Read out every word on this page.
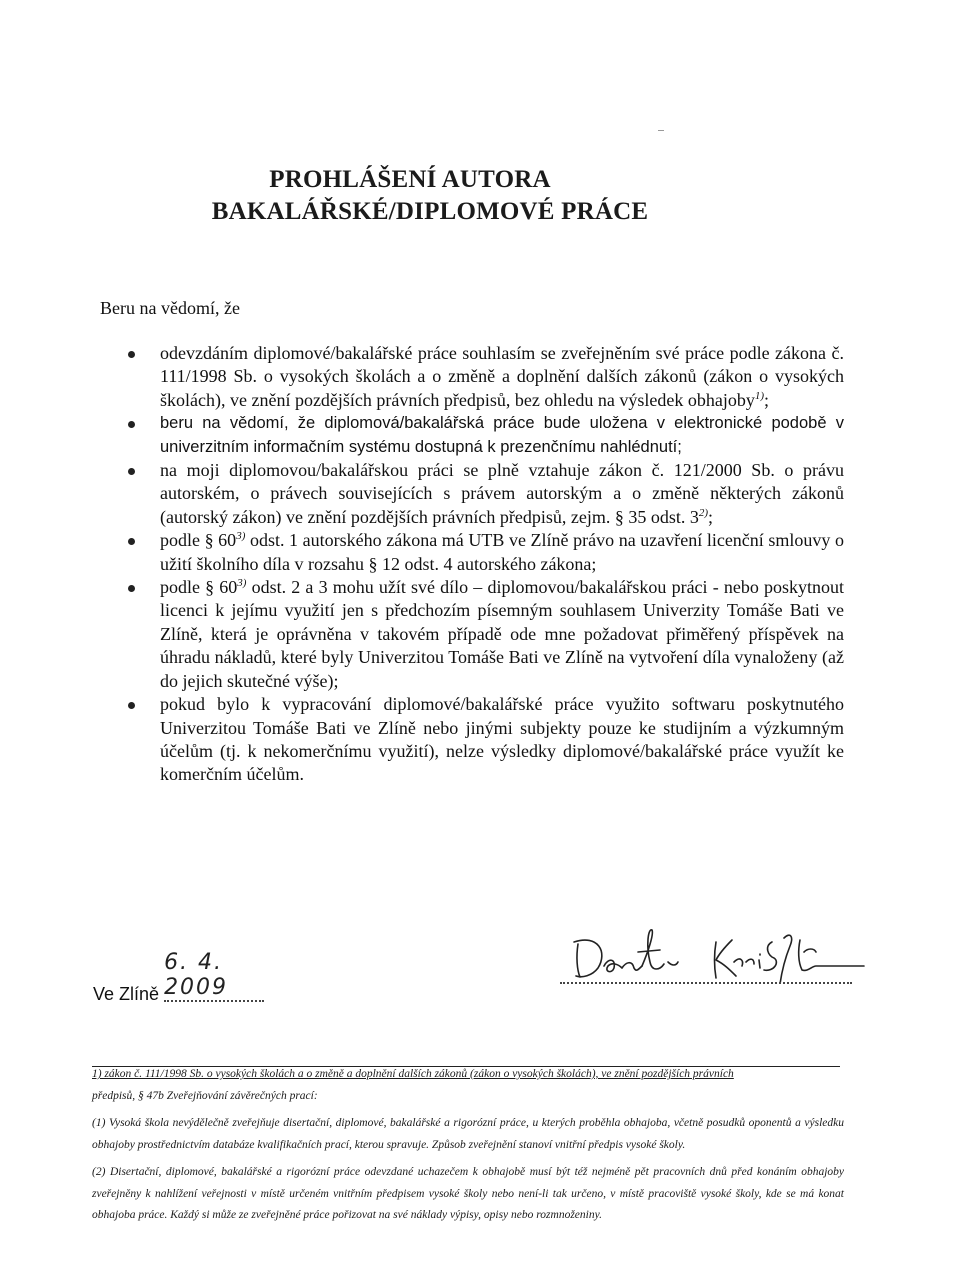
PROHLÁŠENÍ AUTORA
BAKALÁŘSKÉ/DIPLOMOVÉ PRÁCE
Beru na vědomí, že
odevzdáním diplomové/bakalářské práce souhlasím se zveřejněním své práce podle zákona č. 111/1998 Sb. o vysokých školách a o změně a doplnění dalších zákonů (zákon o vysokých školách), ve znění pozdějších právních předpisů, bez ohledu na výsledek obhajoby$^{1)}$;
beru na vědomí, že diplomová/bakalářská práce bude uložena v elektronické podobě v univerzitním informačním systému dostupná k prezenčnímu nahlédnutí;
na moji diplomovou/bakalářskou práci se plně vztahuje zákon č. 121/2000 Sb. o právu autorském, o právech souvisejících s právem autorským a o změně některých zákonů (autorský zákon) ve znění pozdějších právních předpisů, zejm. § 35 odst. 3$^{2)}$;
podle § 60$^{3)}$ odst. 1 autorského zákona má UTB ve Zlíně právo na uzavření licenční smlouvy o užití školního díla v rozsahu § 12 odst. 4 autorského zákona;
podle § 60$^{3)}$ odst. 2 a 3 mohu užít své dílo – diplomovou/bakalářskou práci - nebo poskytnout licenci k jejímu využití jen s předchozím písemným souhlasem Univerzity Tomáše Bati ve Zlíně, která je oprávněna v takovém případě ode mne požadovat přiměřený příspěvek na úhradu nákladů, které byly Univerzitou Tomáše Bati ve Zlíně na vytvoření díla vynaloženy (až do jejich skutečné výše);
pokud bylo k vypracování diplomové/bakalářské práce využito softwaru poskytnutého Univerzitou Tomáše Bati ve Zlíně nebo jinými subjekty pouze ke studijním a výzkumným účelům (tj. k nekomerčnímu využití), nelze výsledky diplomové/bakalářské práce využít ke komerčním účelům.
Ve Zlíně 6. 4. 2009

1) zákon č. 111/1998 Sb. o vysokých školách a o změně a doplnění dalších zákonů (zákon o vysokých školách), ve znění pozdějších právních

předpisů, § 47b Zveřejňování závěrečných prací:

(1) Vysoká škola nevýdělečně zveřejňuje disertační, diplomové, bakalářské a rigorózní práce, u kterých proběhla obhajoba, včetně posudků oponentů a výsledku obhajoby prostřednictvím databáze kvalifikačních prací, kterou spravuje. Způsob zveřejnění stanoví vnitřní předpis vysoké školy.

(2) Disertační, diplomové, bakalářské a rigorózní práce odevzdané uchazečem k obhajobě musí být též nejméně pět pracovních dnů před konáním obhajoby zveřejněny k nahlížení veřejnosti v místě určeném vnitřním předpisem vysoké školy nebo není-li tak určeno, v místě pracoviště vysoké školy, kde se má konat obhajoba práce. Každý si může ze zveřejněné práce pořizovat na své náklady výpisy, opisy nebo rozmnoženiny.
